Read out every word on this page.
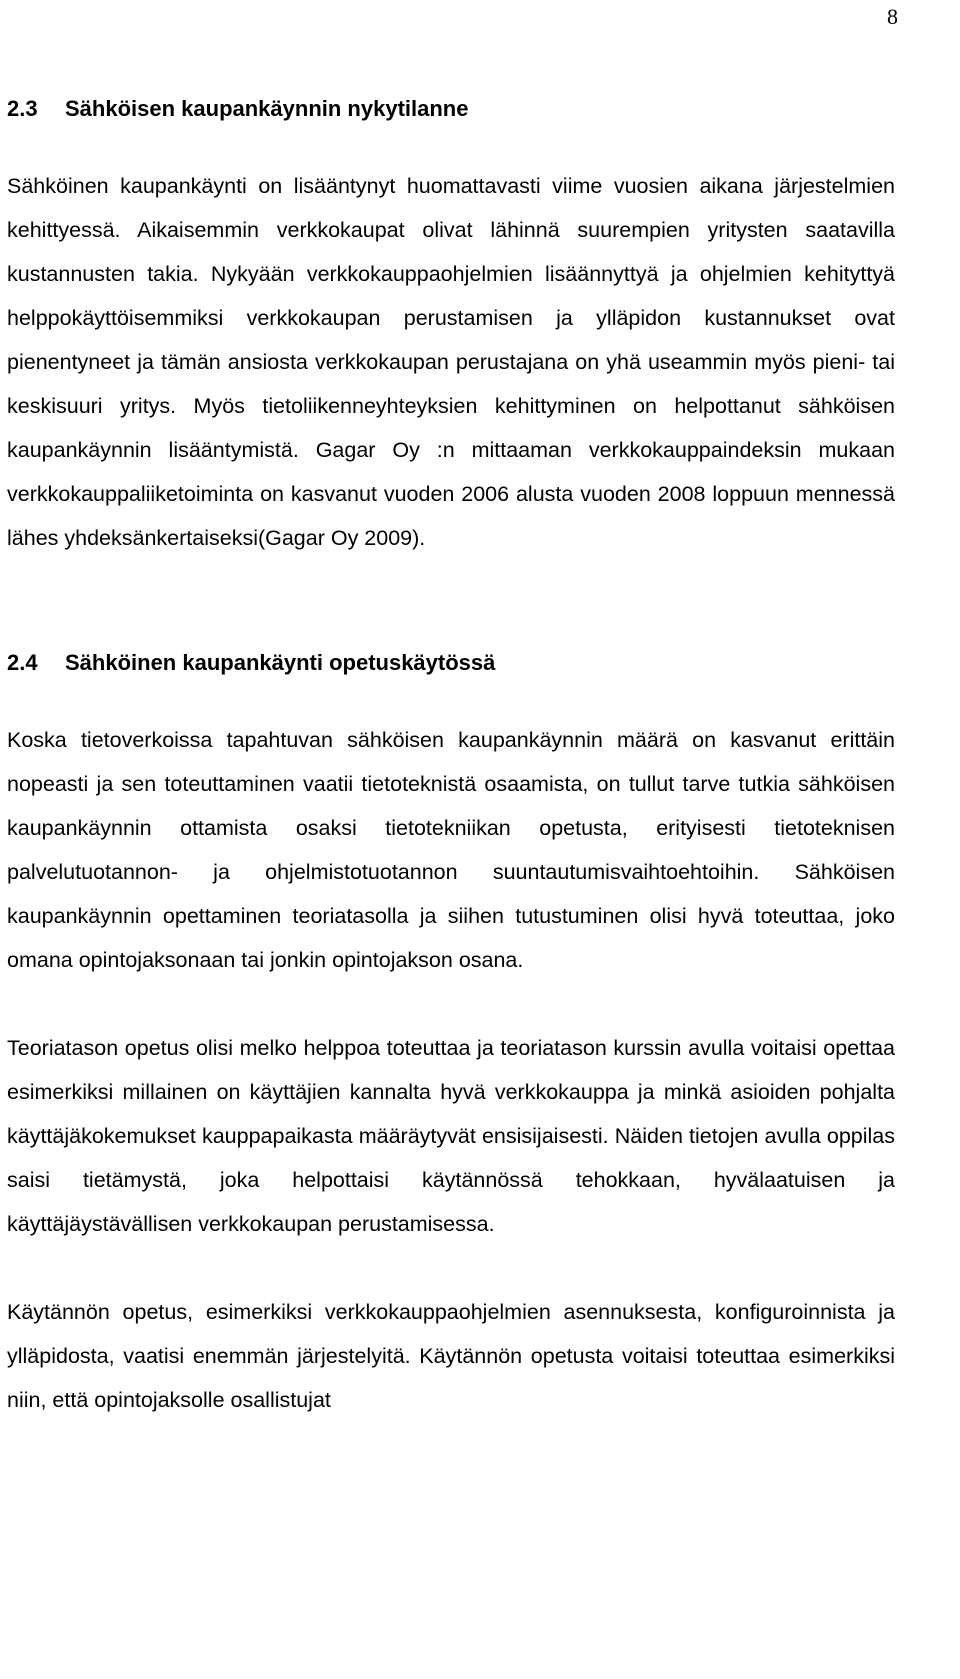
8
2.3 Sähköisen kaupankäynnin nykytilanne

Sähköinen kaupankäynti on lisääntynyt huomattavasti viime vuosien aikana järjestelmien kehittyessä. Aikaisemmin verkkokaupat olivat lähinnä suurempien yritysten saatavilla kustannusten takia. Nykyään verkkokauppaohjelmien lisäännyttyä ja ohjelmien kehityttyä helppokäyttöisemmiksi verkkokaupan perustamisen ja ylläpidon kustannukset ovat pienentyneet ja tämän ansiosta verkkokaupan perustajana on yhä useammin myös pieni- tai keskisuuri yritys. Myös tietoliikenneyhteyksien kehittyminen on helpottanut sähköisen kaupankäynnin lisääntymistä. Gagar Oy :n mittaaman verkkokauppaindeksin mukaan verkkokauppaliiketoiminta on kasvanut vuoden 2006 alusta vuoden 2008 loppuun mennessä lähes yhdeksänkertaiseksi(Gagar Oy 2009).

2.4 Sähköinen kaupankäynti opetuskäytössä

Koska tietoverkoissa tapahtuvan sähköisen kaupankäynnin määrä on kasvanut erittäin nopeasti ja sen toteuttaminen vaatii tietoteknistä osaamista, on tullut tarve tutkia sähköisen kaupankäynnin ottamista osaksi tietotekniikan opetusta, erityisesti tietoteknisen palvelutuotannon- ja ohjelmistotuotannon suuntautumisvaihtoehtoihin. Sähköisen kaupankäynnin opettaminen teoriatasolla ja siihen tutustuminen olisi hyvä toteuttaa, joko omana opintojaksonaan tai jonkin opintojakson osana.

Teoriatason opetus olisi melko helppoa toteuttaa ja teoriatason kurssin avulla voitaisi opettaa esimerkiksi millainen on käyttäjien kannalta hyvä verkkokauppa ja minkä asioiden pohjalta käyttäjäkokemukset kauppapaikasta määräytyvät ensisijaisesti. Näiden tietojen avulla oppilas saisi tietämystä, joka helpottaisi käytännössä tehokkaan, hyvälaatuisen ja käyttäjäystävällisen verkkokaupan perustamisessa.

Käytännön opetus, esimerkiksi verkkokauppaohjelmien asennuksesta, konfiguroinnista ja ylläpidosta, vaatisi enemmän järjestelyitä. Käytännön opetusta voitaisi toteuttaa esimerkiksi niin, että opintojaksolle osallistujat
